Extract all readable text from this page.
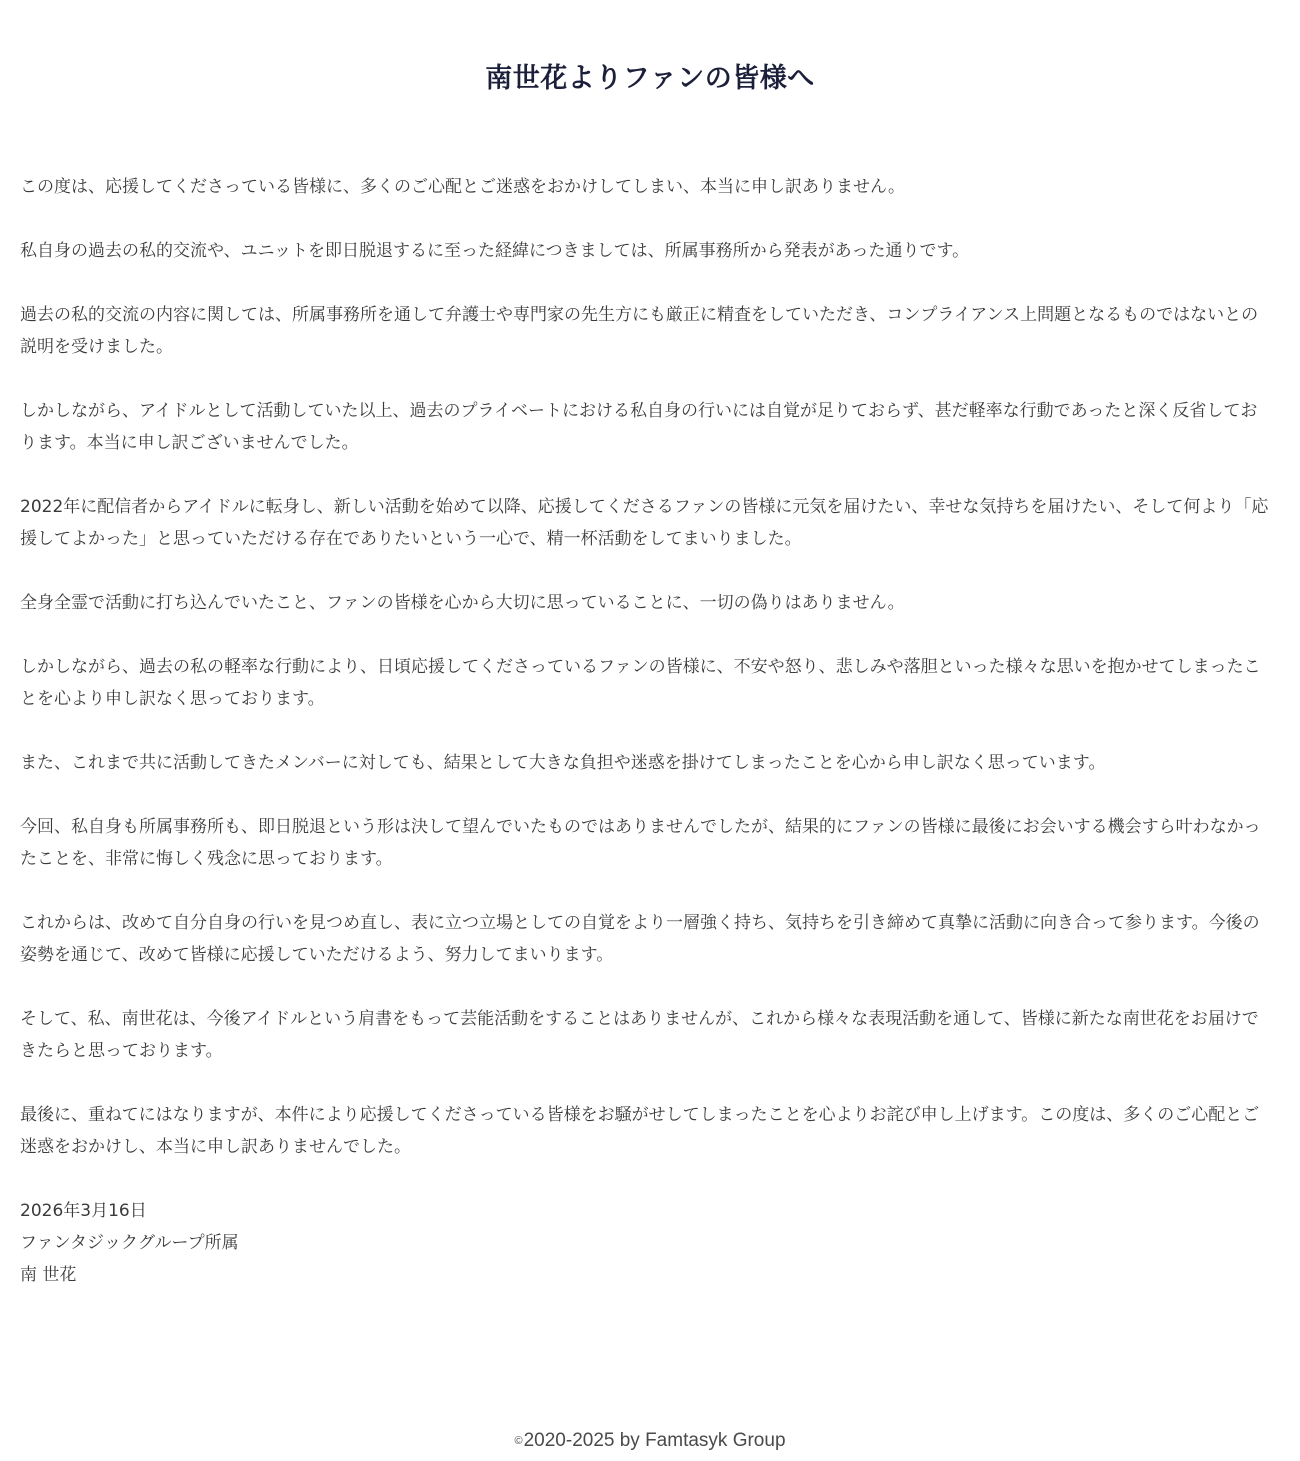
南世花よりファンの皆様へ

この度は、応援してくださっている皆様に、多くのご心配とご迷惑をおかけしてしまい、本当に申し訳ありません。

私自身の過去の私的交流や、ユニットを即日脱退するに至った経緯につきましては、所属事務所から発表があった通りです。

過去の私的交流の内容に関しては、所属事務所を通して弁護士や専門家の先生方にも厳正に精査をしていただき、コンプライアンス上問題となるものではないとの説明を受けました。

しかしながら、アイドルとして活動していた以上、過去のプライベートにおける私自身の行いには自覚が足りておらず、甚だ軽率な行動であったと深く反省しております。本当に申し訳ございませんでした。

2022年に配信者からアイドルに転身し、新しい活動を始めて以降、応援してくださるファンの皆様に元気を届けたい、幸せな気持ちを届けたい、そして何より「応援してよかった」と思っていただける存在でありたいという一心で、精一杯活動をしてまいりました。

全身全霊で活動に打ち込んでいたこと、ファンの皆様を心から大切に思っていることに、一切の偽りはありません。

しかしながら、過去の私の軽率な行動により、日頃応援してくださっているファンの皆様に、不安や怒り、悲しみや落胆といった様々な思いを抱かせてしまったことを心より申し訳なく思っております。

また、これまで共に活動してきたメンバーに対しても、結果として大きな負担や迷惑を掛けてしまったことを心から申し訳なく思っています。

今回、私自身も所属事務所も、即日脱退という形は決して望んでいたものではありませんでしたが、結果的にファンの皆様に最後にお会いする機会すら叶わなかったことを、非常に悔しく残念に思っております。

これからは、改めて自分自身の行いを見つめ直し、表に立つ立場としての自覚をより一層強く持ち、気持ちを引き締めて真摯に活動に向き合って参ります。今後の姿勢を通じて、改めて皆様に応援していただけるよう、努力してまいります。

そして、私、南世花は、今後アイドルという肩書をもって芸能活動をすることはありませんが、これから様々な表現活動を通して、皆様に新たな南世花をお届けできたらと思っております。

最後に、重ねてにはなりますが、本件により応援してくださっている皆様をお騒がせしてしまったことを心よりお詫び申し上げます。この度は、多くのご心配とご迷惑をおかけし、本当に申し訳ありませんでした。

2026年3月16日
ファンタジックグループ所属
南 世花
©2020-2025 by Famtasyk Group
